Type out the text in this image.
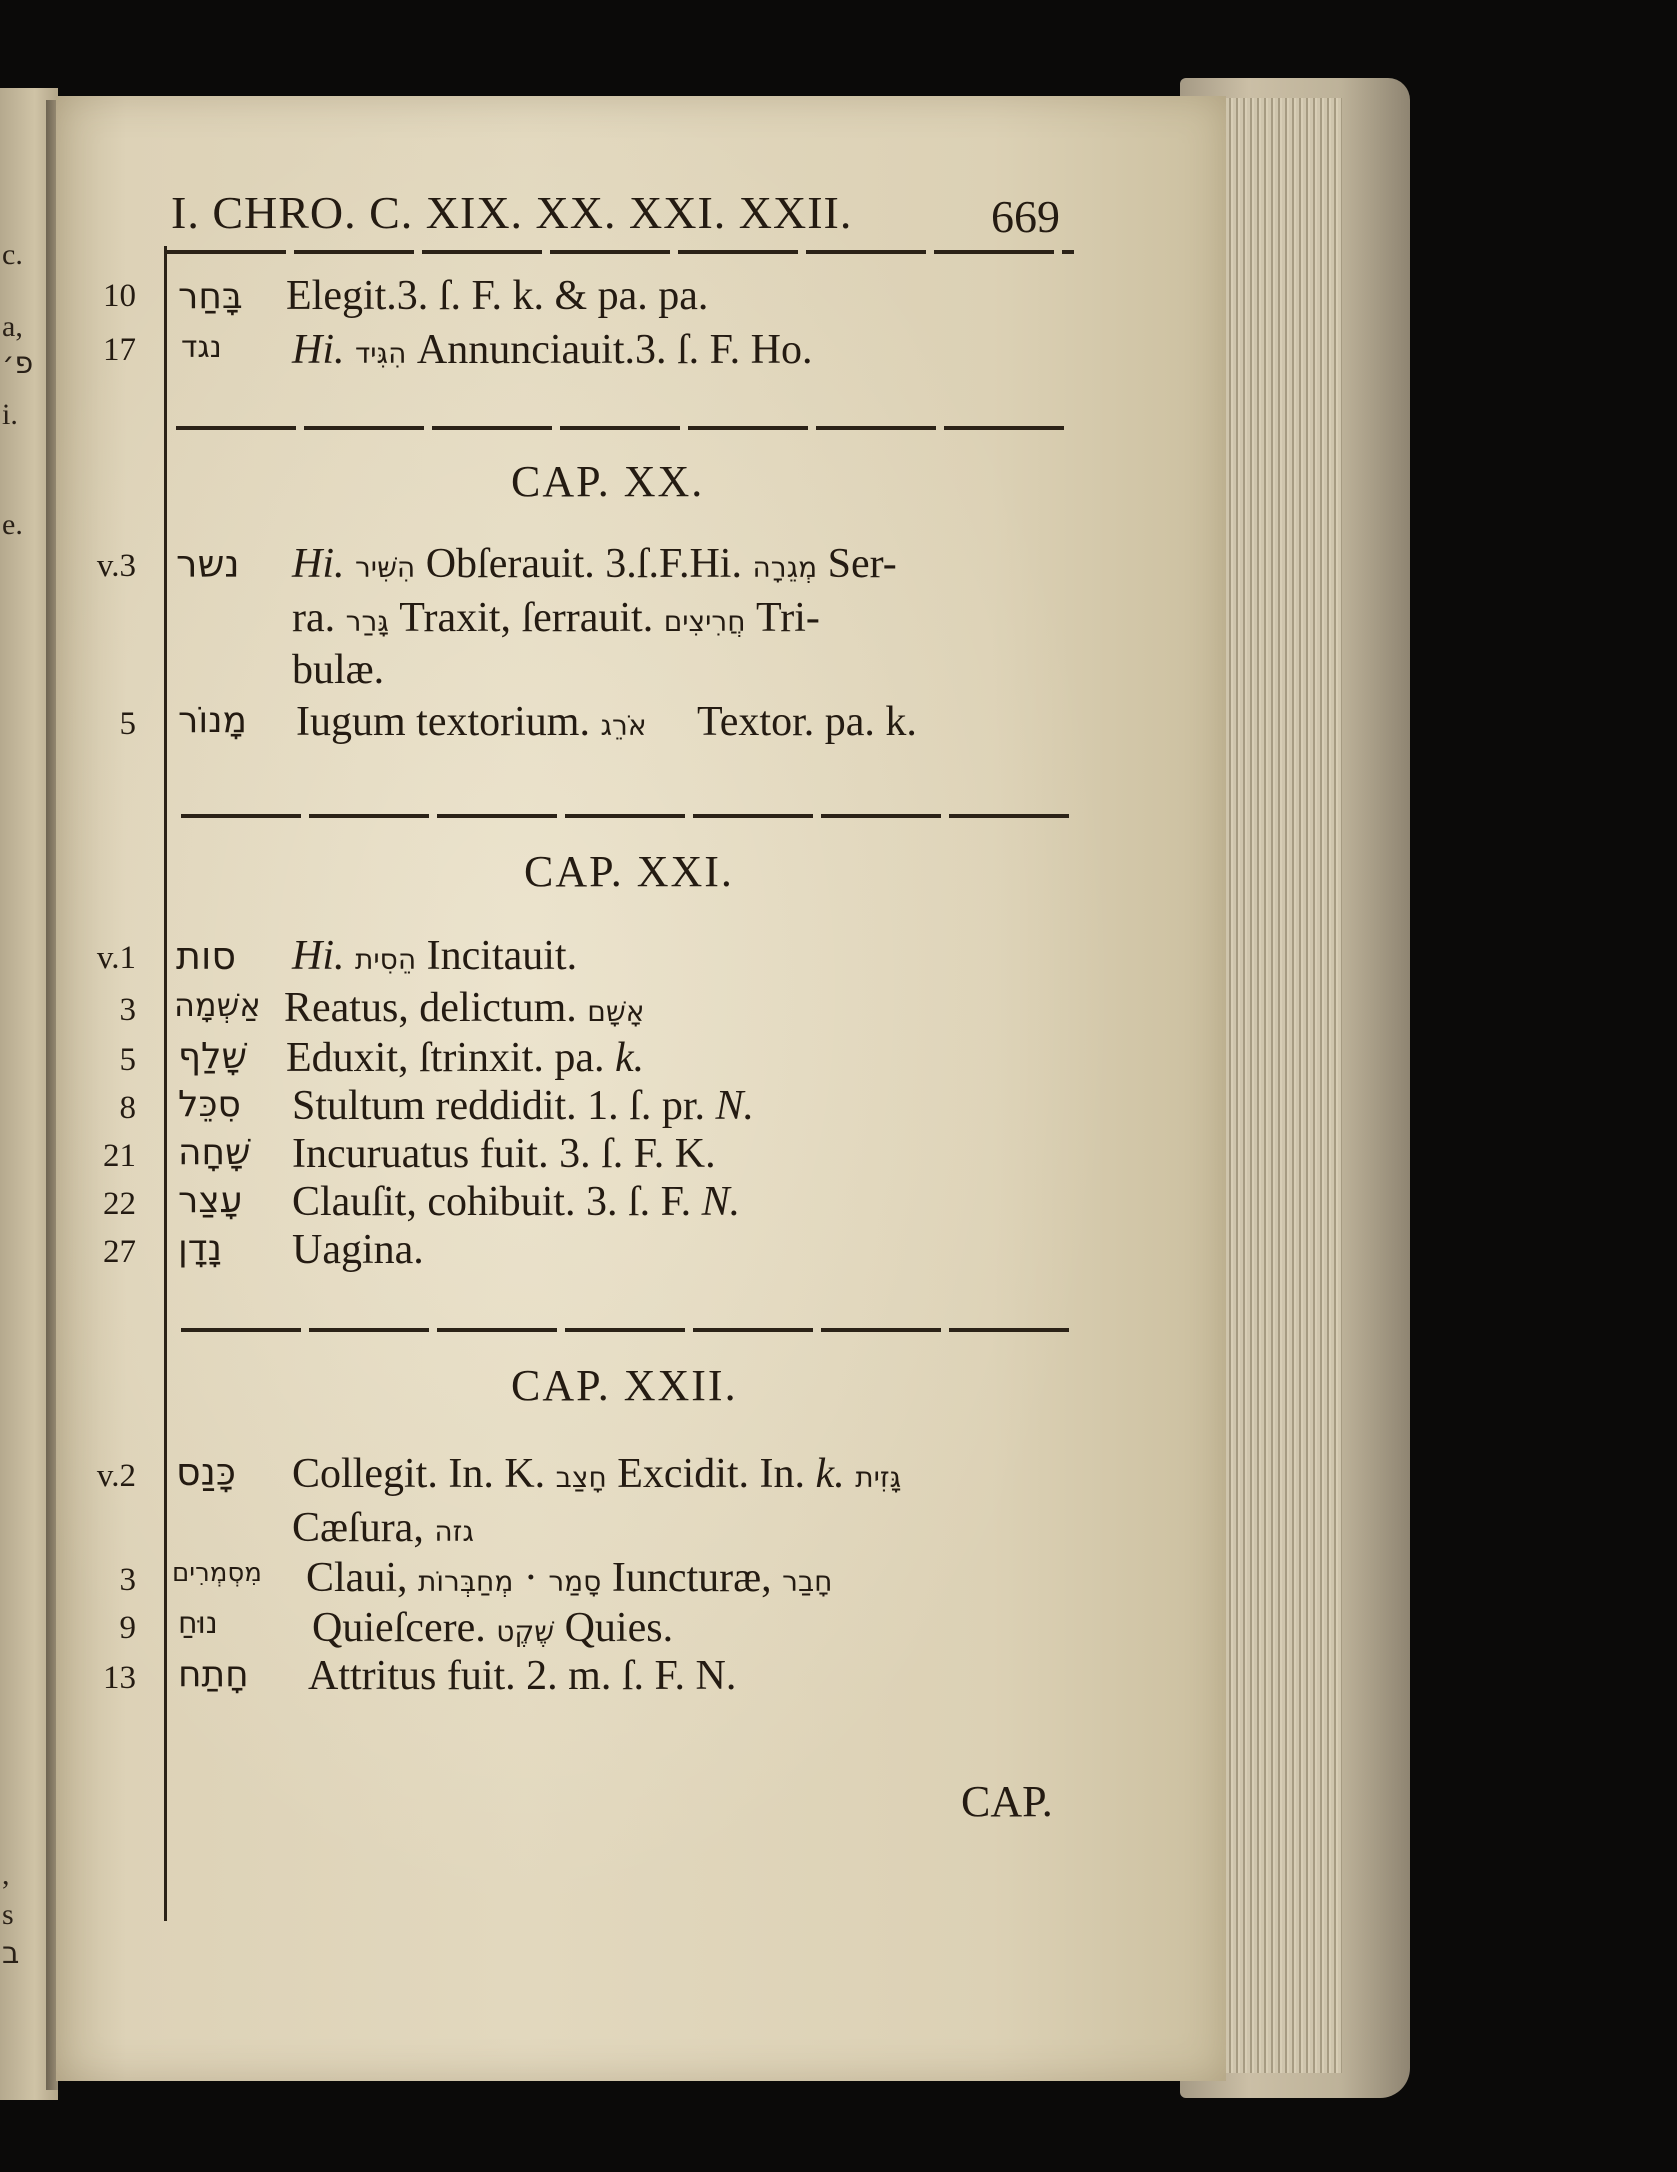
c.
a,
פ׳
i.
e.
,
s
ב
I. CHRO. C. XIX. XX. XXI. XXII.	669
10 בָּחַר Elegit.3. ſ. F. k. & pa. pa.
17 נגד Hi. הִגִּיד Annunciauit.3. ſ. F. Ho.
CAP. XX.
v.3 נשר Hi. הִשִּׁיר Obſerauit. 3.ſ.F.Hi. מְגֵרָה Ser-
ra. גָּרַר Traxit, ſerrauit. חֲרִיצִים Tri-
bulæ.
5 מָנוֹר Iugum textorium. אֹרֵג Textor. pa. k.
CAP. XXI.
v.1 סות Hi. הֵסִית Incitauit.
3 אַשְׁמָה Reatus, delictum. אָשָׁם
5 שָׁלַף Eduxit, ſtrinxit. pa. k.
8 סִכֵּל Stultum reddidit. 1. ſ. pr. N.
21 שָׁחָה Incuruatus fuit. 3. ſ. F. K.
22 עָצַר Clauſit, cohibuit. 3. ſ. F. N.
27 נָדָן Uagina.
CAP. XXII.
v.2 כָּנַס Collegit. In. K. חָצַב Excidit. In. k. גָּזִית
Cæſura, גזה
3 מִסְמְרִים Claui,	סָמַר · מְחַבְּרוֹת Iuncturæ, חָבַר
9 נוּחַ Quieſcere. שֶׁקֶט Quies.
13 חָתַח Attritus fuit. 2. m. ſ. F. N.
CAP.
